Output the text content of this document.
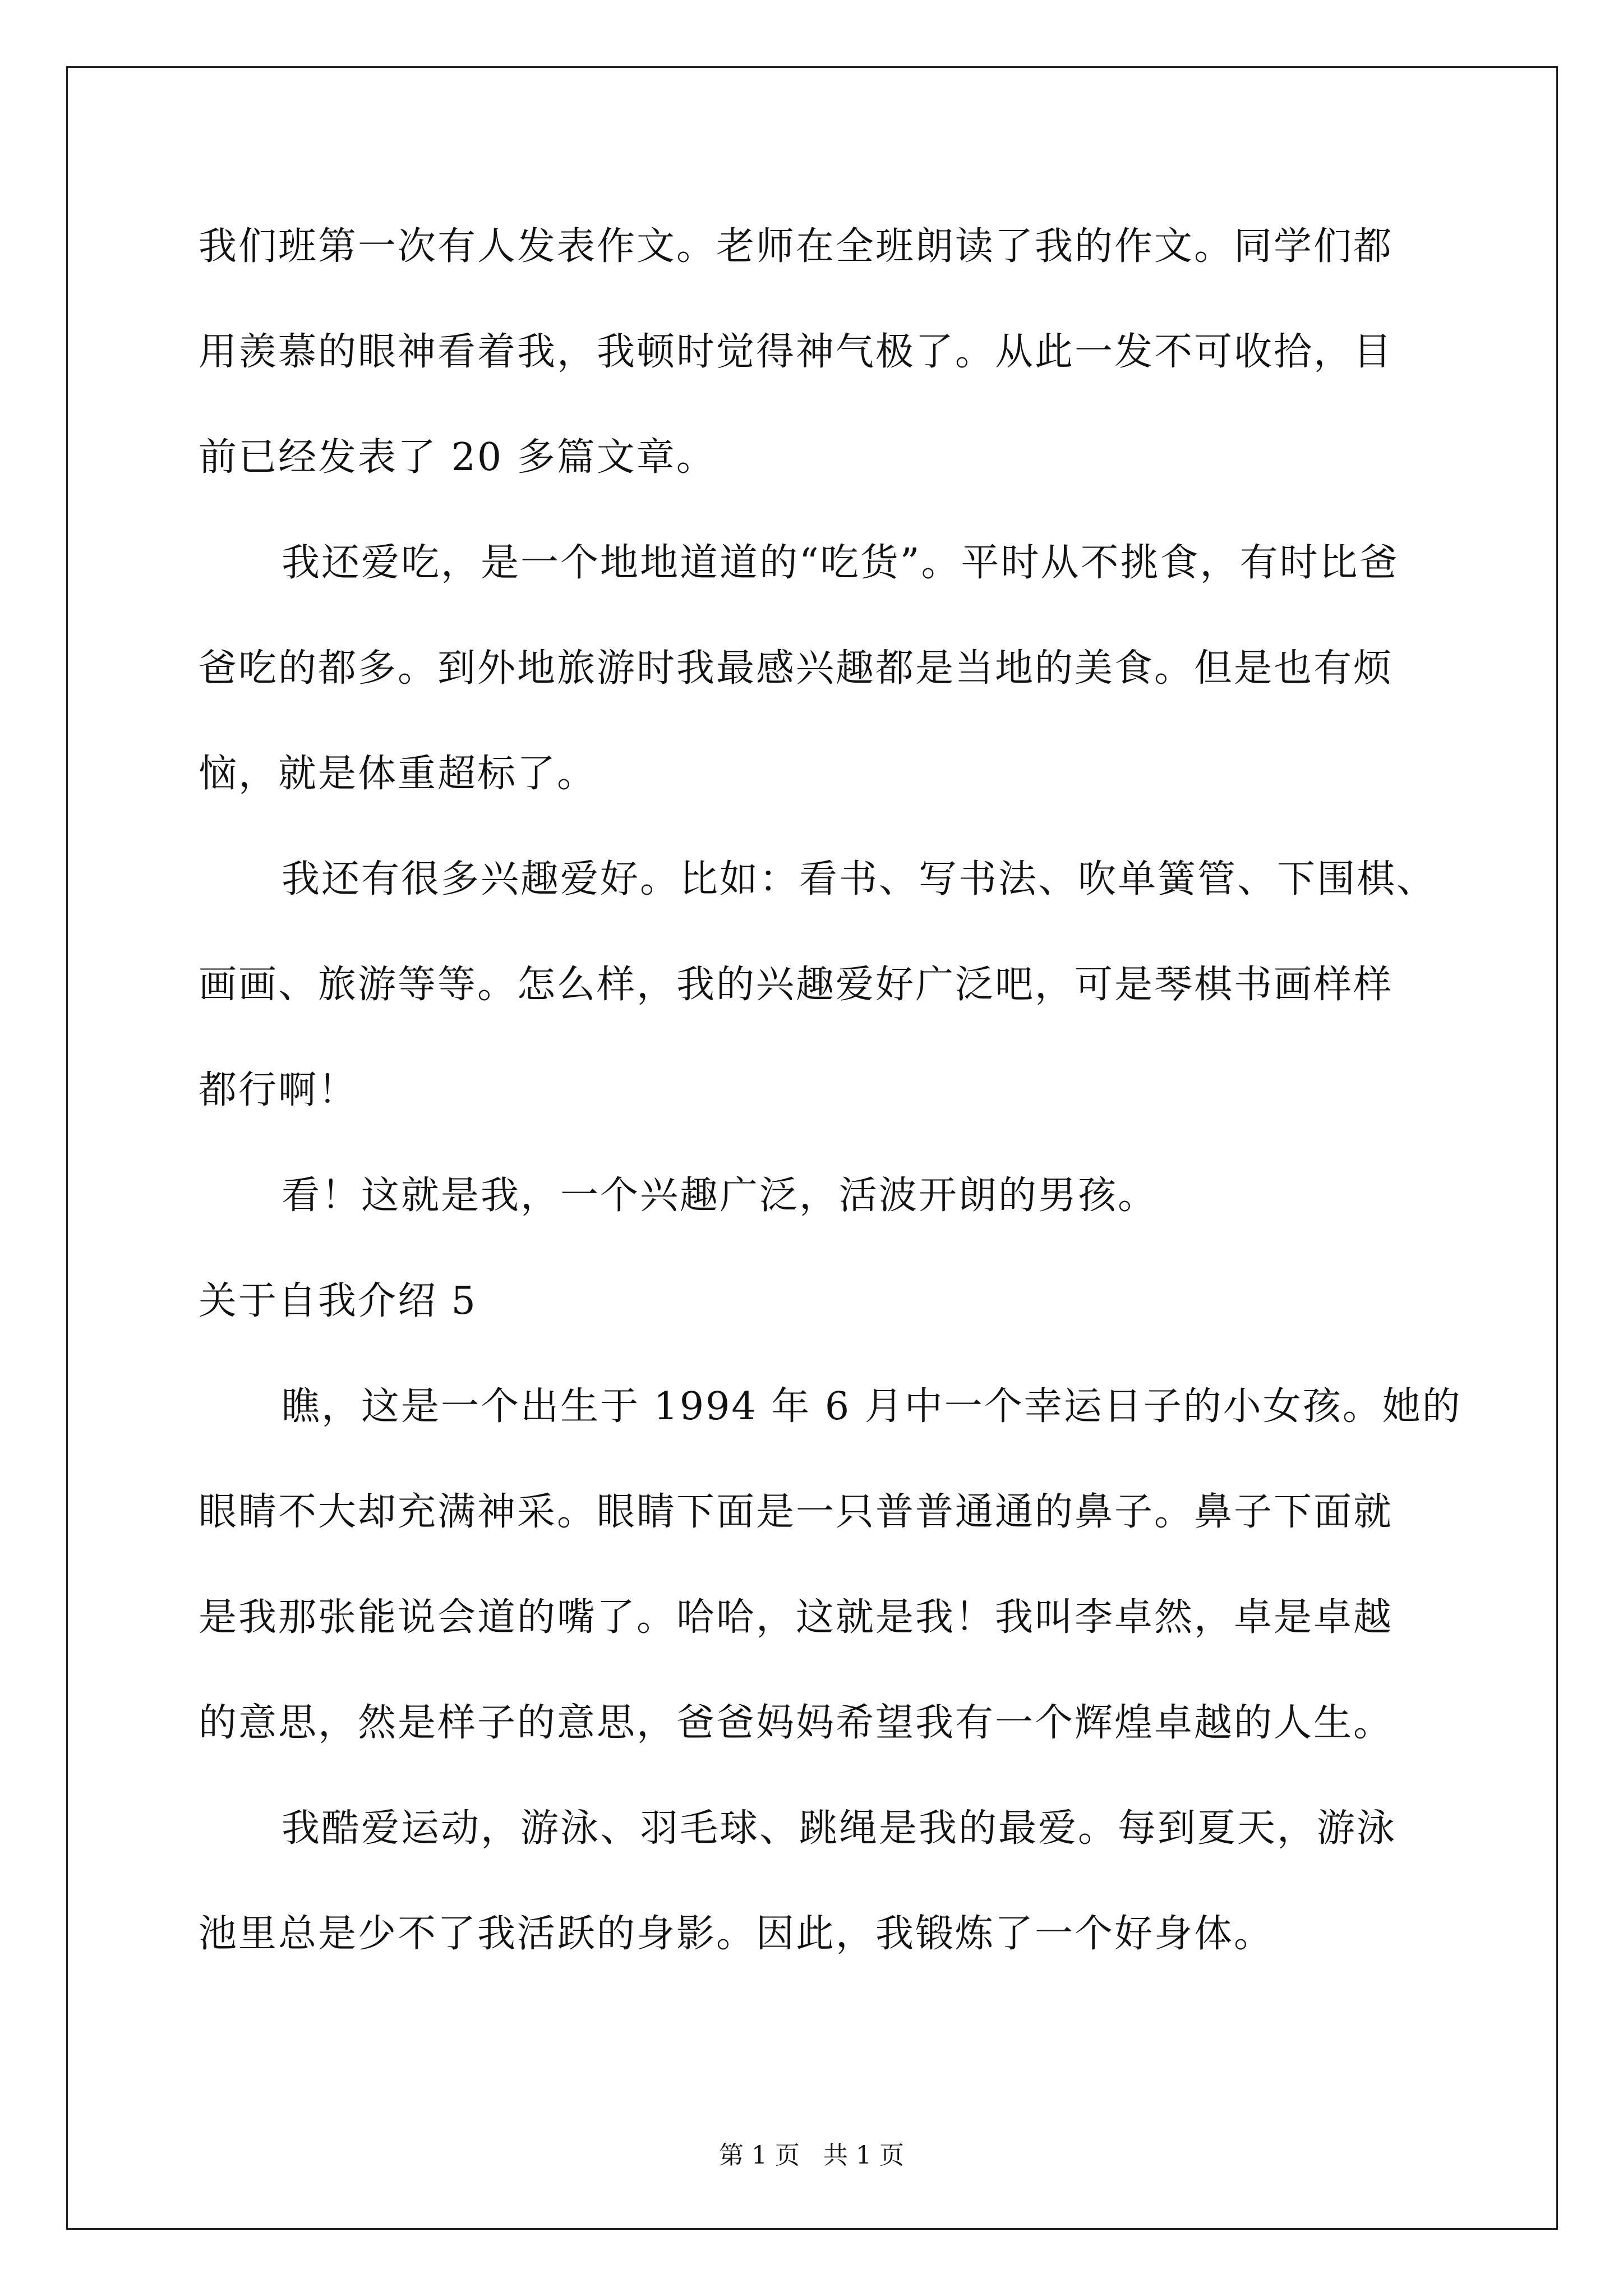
我们班第一次有人发表作文。老师在全班朗读了我的作文。同学们都
用羡慕的眼神看着我，我顿时觉得神气极了。从此一发不可收拾，目
前已经发表了 20 多篇文章。
我还爱吃，是一个地地道道的“吃货”。平时从不挑食，有时比爸
爸吃的都多。到外地旅游时我最感兴趣都是当地的美食。但是也有烦
恼，就是体重超标了。
我还有很多兴趣爱好。比如：看书、写书法、吹单簧管、下围棋、
画画、旅游等等。怎么样，我的兴趣爱好广泛吧，可是琴棋书画样样
都行啊！
看！这就是我，一个兴趣广泛，活波开朗的男孩。
关于自我介绍 5
瞧，这是一个出生于 1994 年 6 月中一个幸运日子的小女孩。她的
眼睛不大却充满神采。眼睛下面是一只普普通通的鼻子。鼻子下面就
是我那张能说会道的嘴了。哈哈，这就是我！我叫李卓然，卓是卓越
的意思，然是样子的意思，爸爸妈妈希望我有一个辉煌卓越的人生。
我酷爱运动，游泳、羽毛球、跳绳是我的最爱。每到夏天，游泳
池里总是少不了我活跃的身影。因此，我锻炼了一个好身体。
第 1 页 共 1 页
